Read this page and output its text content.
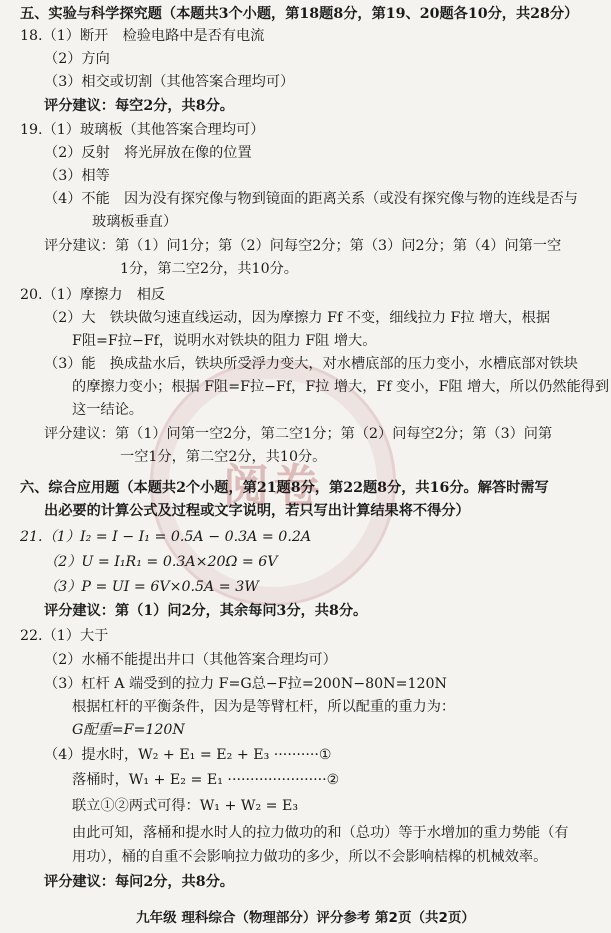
阅卷
五、实验与科学探究题（本题共3个小题，第18题8分，第19、20题各10分，共28分）
18.（1）断开　检验电路中是否有电流
（2）方向
（3）相交或切割（其他答案合理均可）
评分建议：每空2分，共8分。
19.（1）玻璃板（其他答案合理均可）
（2）反射　将光屏放在像的位置
（3）相等
（4）不能　因为没有探究像与物到镜面的距离关系（或没有探究像与物的连线是否与
玻璃板垂直）
评分建议：第（1）问1分；第（2）问每空2分；第（3）问2分；第（4）问第一空
1分，第二空2分，共10分。
20.（1）摩擦力　相反
（2）大　铁块做匀速直线运动，因为摩擦力 Ff 不变，细线拉力 F拉 增大，根据
F阻=F拉−Ff，说明水对铁块的阻力 F阻 增大。
（3）能　换成盐水后，铁块所受浮力变大，对水槽底部的压力变小，水槽底部对铁块
的摩擦力变小；根据 F阻=F拉−Ff，F拉 增大，Ff 变小，F阻 增大，所以仍然能得到
这一结论。
评分建议：第（1）问第一空2分，第二空1分；第（2）问每空2分；第（3）问第
一空1分，第二空2分，共10分。
六、综合应用题（本题共2个小题，第21题8分，第22题8分，共16分。解答时需写
出必要的计算公式及过程或文字说明，若只写出计算结果将不得分）
21.（1）I₂ = I − I₁ = 0.5A − 0.3A = 0.2A
（2）U = I₁R₁ = 0.3A×20Ω = 6V
（3）P = UI = 6V×0.5A = 3W
评分建议：第（1）问2分，其余每问3分，共8分。
22.（1）大于
（2）水桶不能提出井口（其他答案合理均可）
（3）杠杆 A 端受到的拉力 F=G总−F拉=200N−80N=120N
根据杠杆的平衡条件，因为是等臂杠杆，所以配重的重力为：
G配重=F=120N
（4）提水时，W₂ + E₁ = E₂ + E₃ ··········①
落桶时，W₁ + E₂ = E₁ ······················②
联立①②两式可得：W₁ + W₂ = E₃
由此可知，落桶和提水时人的拉力做功的和（总功）等于水增加的重力势能（有
用功），桶的自重不会影响拉力做功的多少，所以不会影响桔槔的机械效率。
评分建议：每问2分，共8分。
九年级 理科综合（物理部分）评分参考 第2页（共2页）
